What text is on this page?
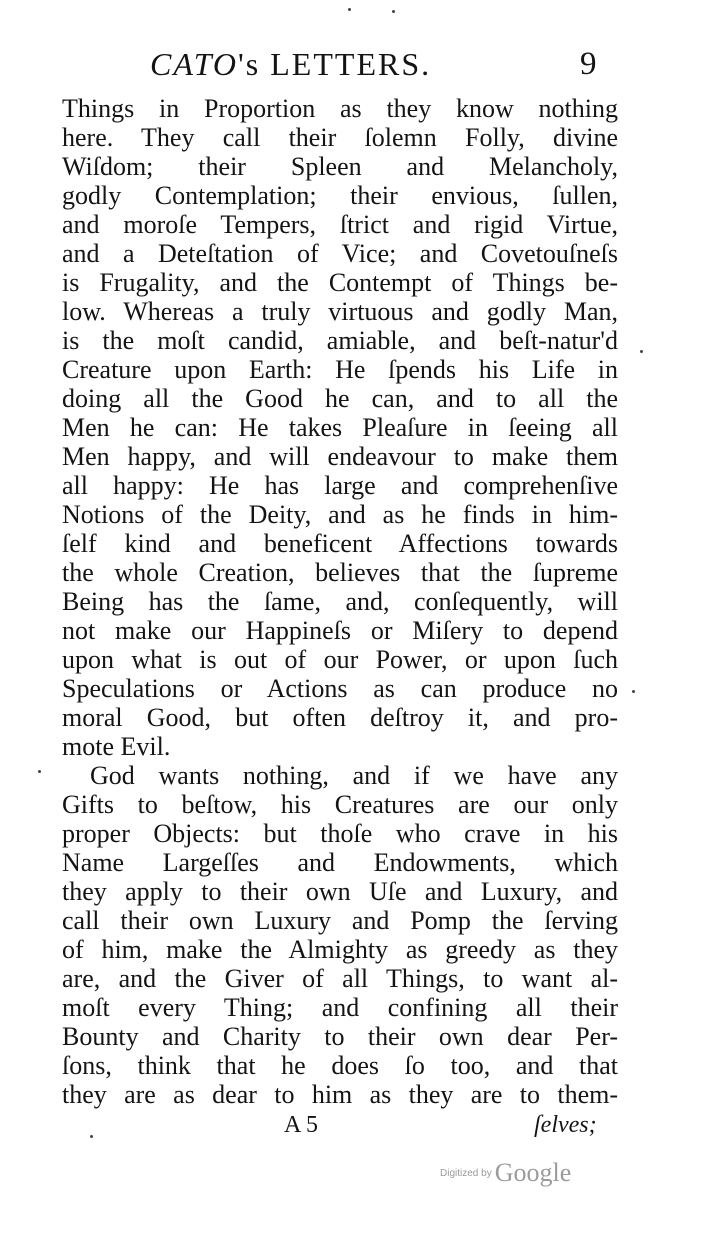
CATO's LETTERS.	9
Things in Proportion as they know nothing
here. They call their ſolemn Folly, divine
Wiſdom; their Spleen and Melancholy,
godly Contemplation; their envious, ſullen,
and moroſe Tempers, ſtrict and rigid Virtue,
and a Deteſtation of Vice; and Covetouſneſs
is Frugality, and the Contempt of Things be-
low. Whereas a truly virtuous and godly Man,
is the moſt candid, amiable, and beſt-natur'd
Creature upon Earth: He ſpends his Life in
doing all the Good he can, and to all the
Men he can: He takes Pleaſure in ſeeing all
Men happy, and will endeavour to make them
all happy: He has large and comprehenſive
Notions of the Deity, and as he finds in him-
ſelf kind and beneficent Affections towards
the whole Creation, believes that the ſupreme
Being has the ſame, and, conſequently, will
not make our Happineſs or Miſery to depend
upon what is out of our Power, or upon ſuch
Speculations or Actions as can produce no
moral Good, but often deſtroy it, and pro-
mote Evil.
God wants nothing, and if we have any
Gifts to beſtow, his Creatures are our only
proper Objects: but thoſe who crave in his
Name Largeſſes and Endowments, which
they apply to their own Uſe and Luxury, and
call their own Luxury and Pomp the ſerving
of him, make the Almighty as greedy as they
are, and the Giver of all Things, to want al-
moſt every Thing; and confining all their
Bounty and Charity to their own dear Per-
ſons, think that he does ſo too, and that
they are as dear to him as they are to them-
A 5	ſelves;
Digitized by Google
